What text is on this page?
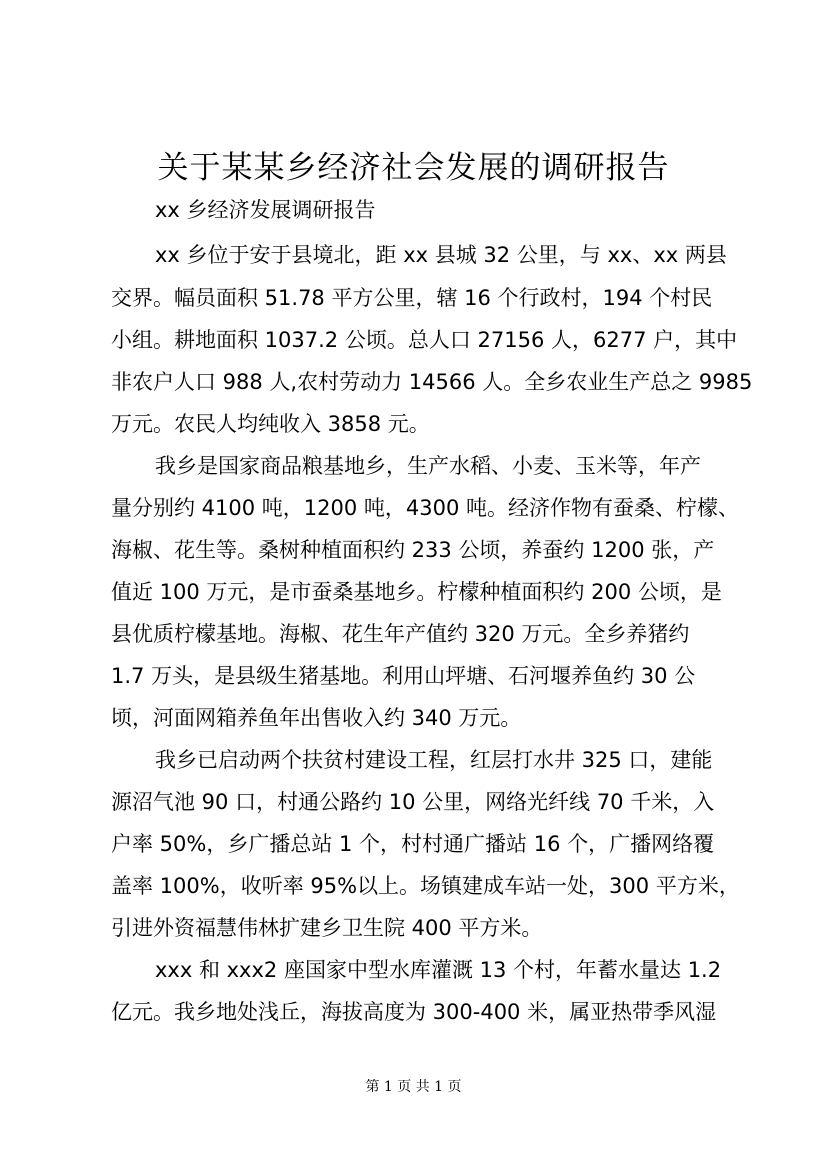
关于某某乡经济社会发展的调研报告
xx 乡经济发展调研报告
xx 乡位于安于县境北，距 xx 县城 32 公里，与 xx、xx 两县
交界。幅员面积 51.78 平方公里，辖 16 个行政村，194 个村民
小组。耕地面积 1037.2 公顷。总人口 27156 人，6277 户，其中
非农户人口 988 人,农村劳动力 14566 人。全乡农业生产总之 9985
万元。农民人均纯收入 3858 元。
我乡是国家商品粮基地乡，生产水稻、小麦、玉米等，年产
量分别约 4100 吨，1200 吨，4300 吨。经济作物有蚕桑、柠檬、
海椒、花生等。桑树种植面积约 233 公顷，养蚕约 1200 张，产
值近 100 万元，是市蚕桑基地乡。柠檬种植面积约 200 公顷，是
县优质柠檬基地。海椒、花生年产值约 320 万元。全乡养猪约
1.7 万头，是县级生猪基地。利用山坪塘、石河堰养鱼约 30 公
顷，河面网箱养鱼年出售收入约 340 万元。
我乡已启动两个扶贫村建设工程，红层打水井 325 口，建能
源沼气池 90 口，村通公路约 10 公里，网络光纤线 70 千米，入
户率 50%，乡广播总站 1 个，村村通广播站 16 个，广播网络覆
盖率 100%，收听率 95%以上。场镇建成车站一处，300 平方米，
引进外资福慧伟林扩建乡卫生院 400 平方米。
xxx 和 xxx2 座国家中型水库灌溉 13 个村，年蓄水量达 1.2
亿元。我乡地处浅丘，海拔高度为 300-400 米，属亚热带季风湿
第 1 页 共 1 页
